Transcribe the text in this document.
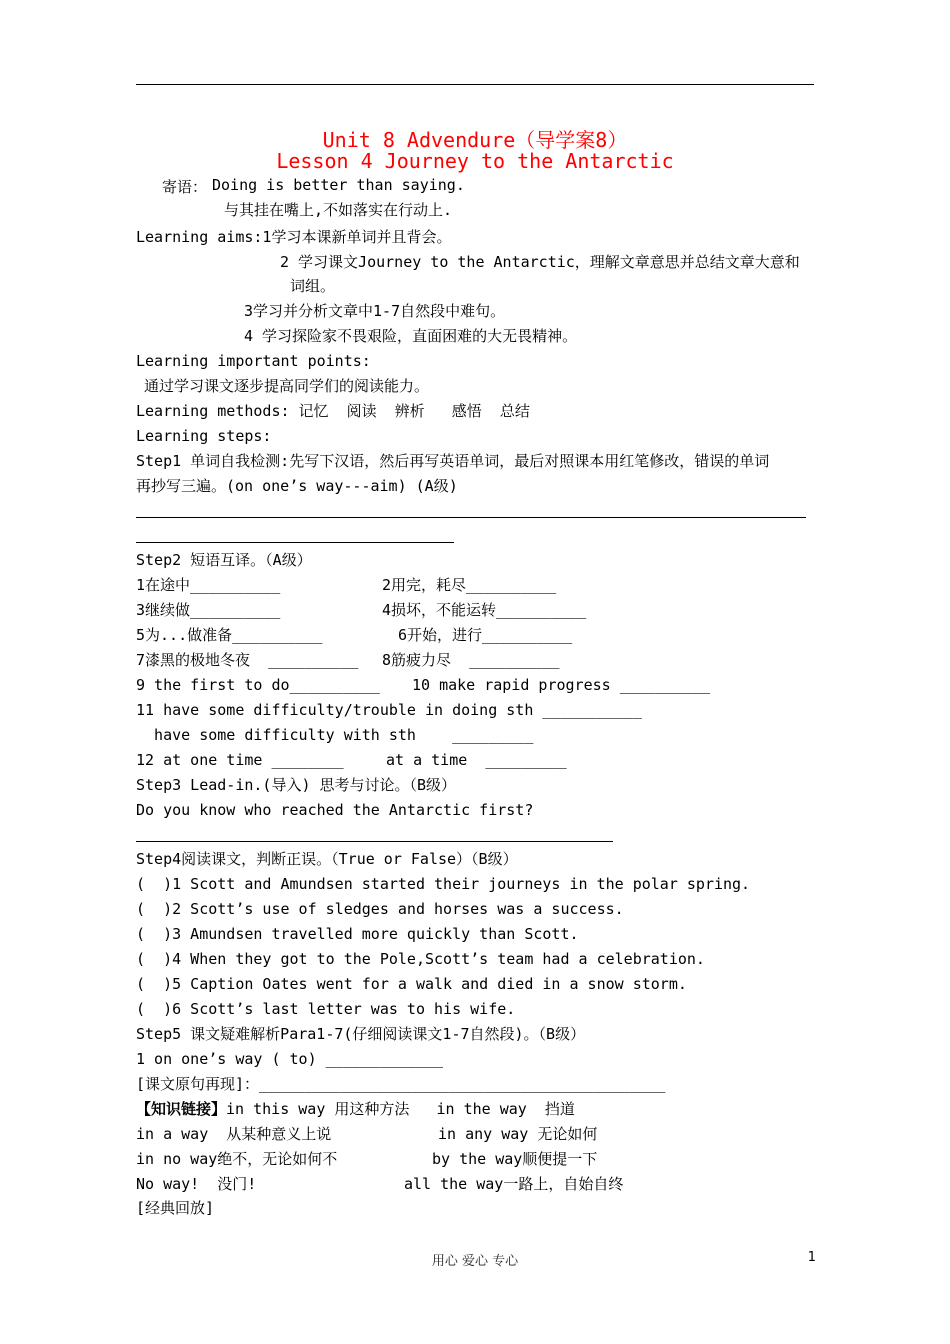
Unit 8 Advendure（导学案8）
Lesson 4 Journey to the Antarctic
寄语： Doing is better than saying.
与其挂在嘴上,不如落实在行动上.
Learning aims:1学习本课新单词并且背会。
2 学习课文Journey to the Antarctic，理解文章意思并总结文章大意和
词组。
3学习并分析文章中1-7自然段中难句。
4 学习探险家不畏艰险，直面困难的大无畏精神。
Learning important points:
通过学习课文逐步提高同学们的阅读能力。
Learning methods: 记忆  阅读  辨析   感悟  总结
Learning steps:
Step1 单词自我检测:先写下汉语，然后再写英语单词，最后对照课本用红笔修改，错误的单词
再抄写三遍。(on one’s way---aim) (A级)
Step2 短语互译。（A级）
1在途中__________	2用完，耗尽__________
3继续做__________	4损坏，不能运转__________
5为...做准备__________	6开始，进行__________
7漆黑的极地冬夜  __________ 8筋疲力尽  __________
9 the first to do__________ 10 make rapid progress __________
11 have some difficulty/trouble in doing sth ___________
have some difficulty with sth    _________
12 at one time ________	at a time  _________
Step3 Lead-in.(导入) 思考与讨论。（B级）
Do you know who reached the Antarctic first?
Step4阅读课文，判断正误。（True or False）（B级）
(  )1 Scott and Amundsen started their journeys in the polar spring.
(  )2 Scott’s use of sledges and horses was a success.
(  )3 Amundsen travelled more quickly than Scott.
(  )4 When they got to the Pole,Scott’s team had a celebration.
(  )5 Caption Oates went for a walk and died in a snow storm.
(  )6 Scott’s last letter was to his wife.
Step5 课文疑难解析Para1-7(仔细阅读课文1-7自然段)。（B级）
1 on one’s way ( to) _____________
[课文原句再现]：_____________________________________________
【知识链接】in this way 用这种方法   in the way  挡道
in a way  从某种意义上说	in any way 无论如何
in no way绝不，无论如何不	by the way顺便提一下
No way!  没门!	all the way一路上，自始自终
[经典回放]
用心 爱心 专心	1
